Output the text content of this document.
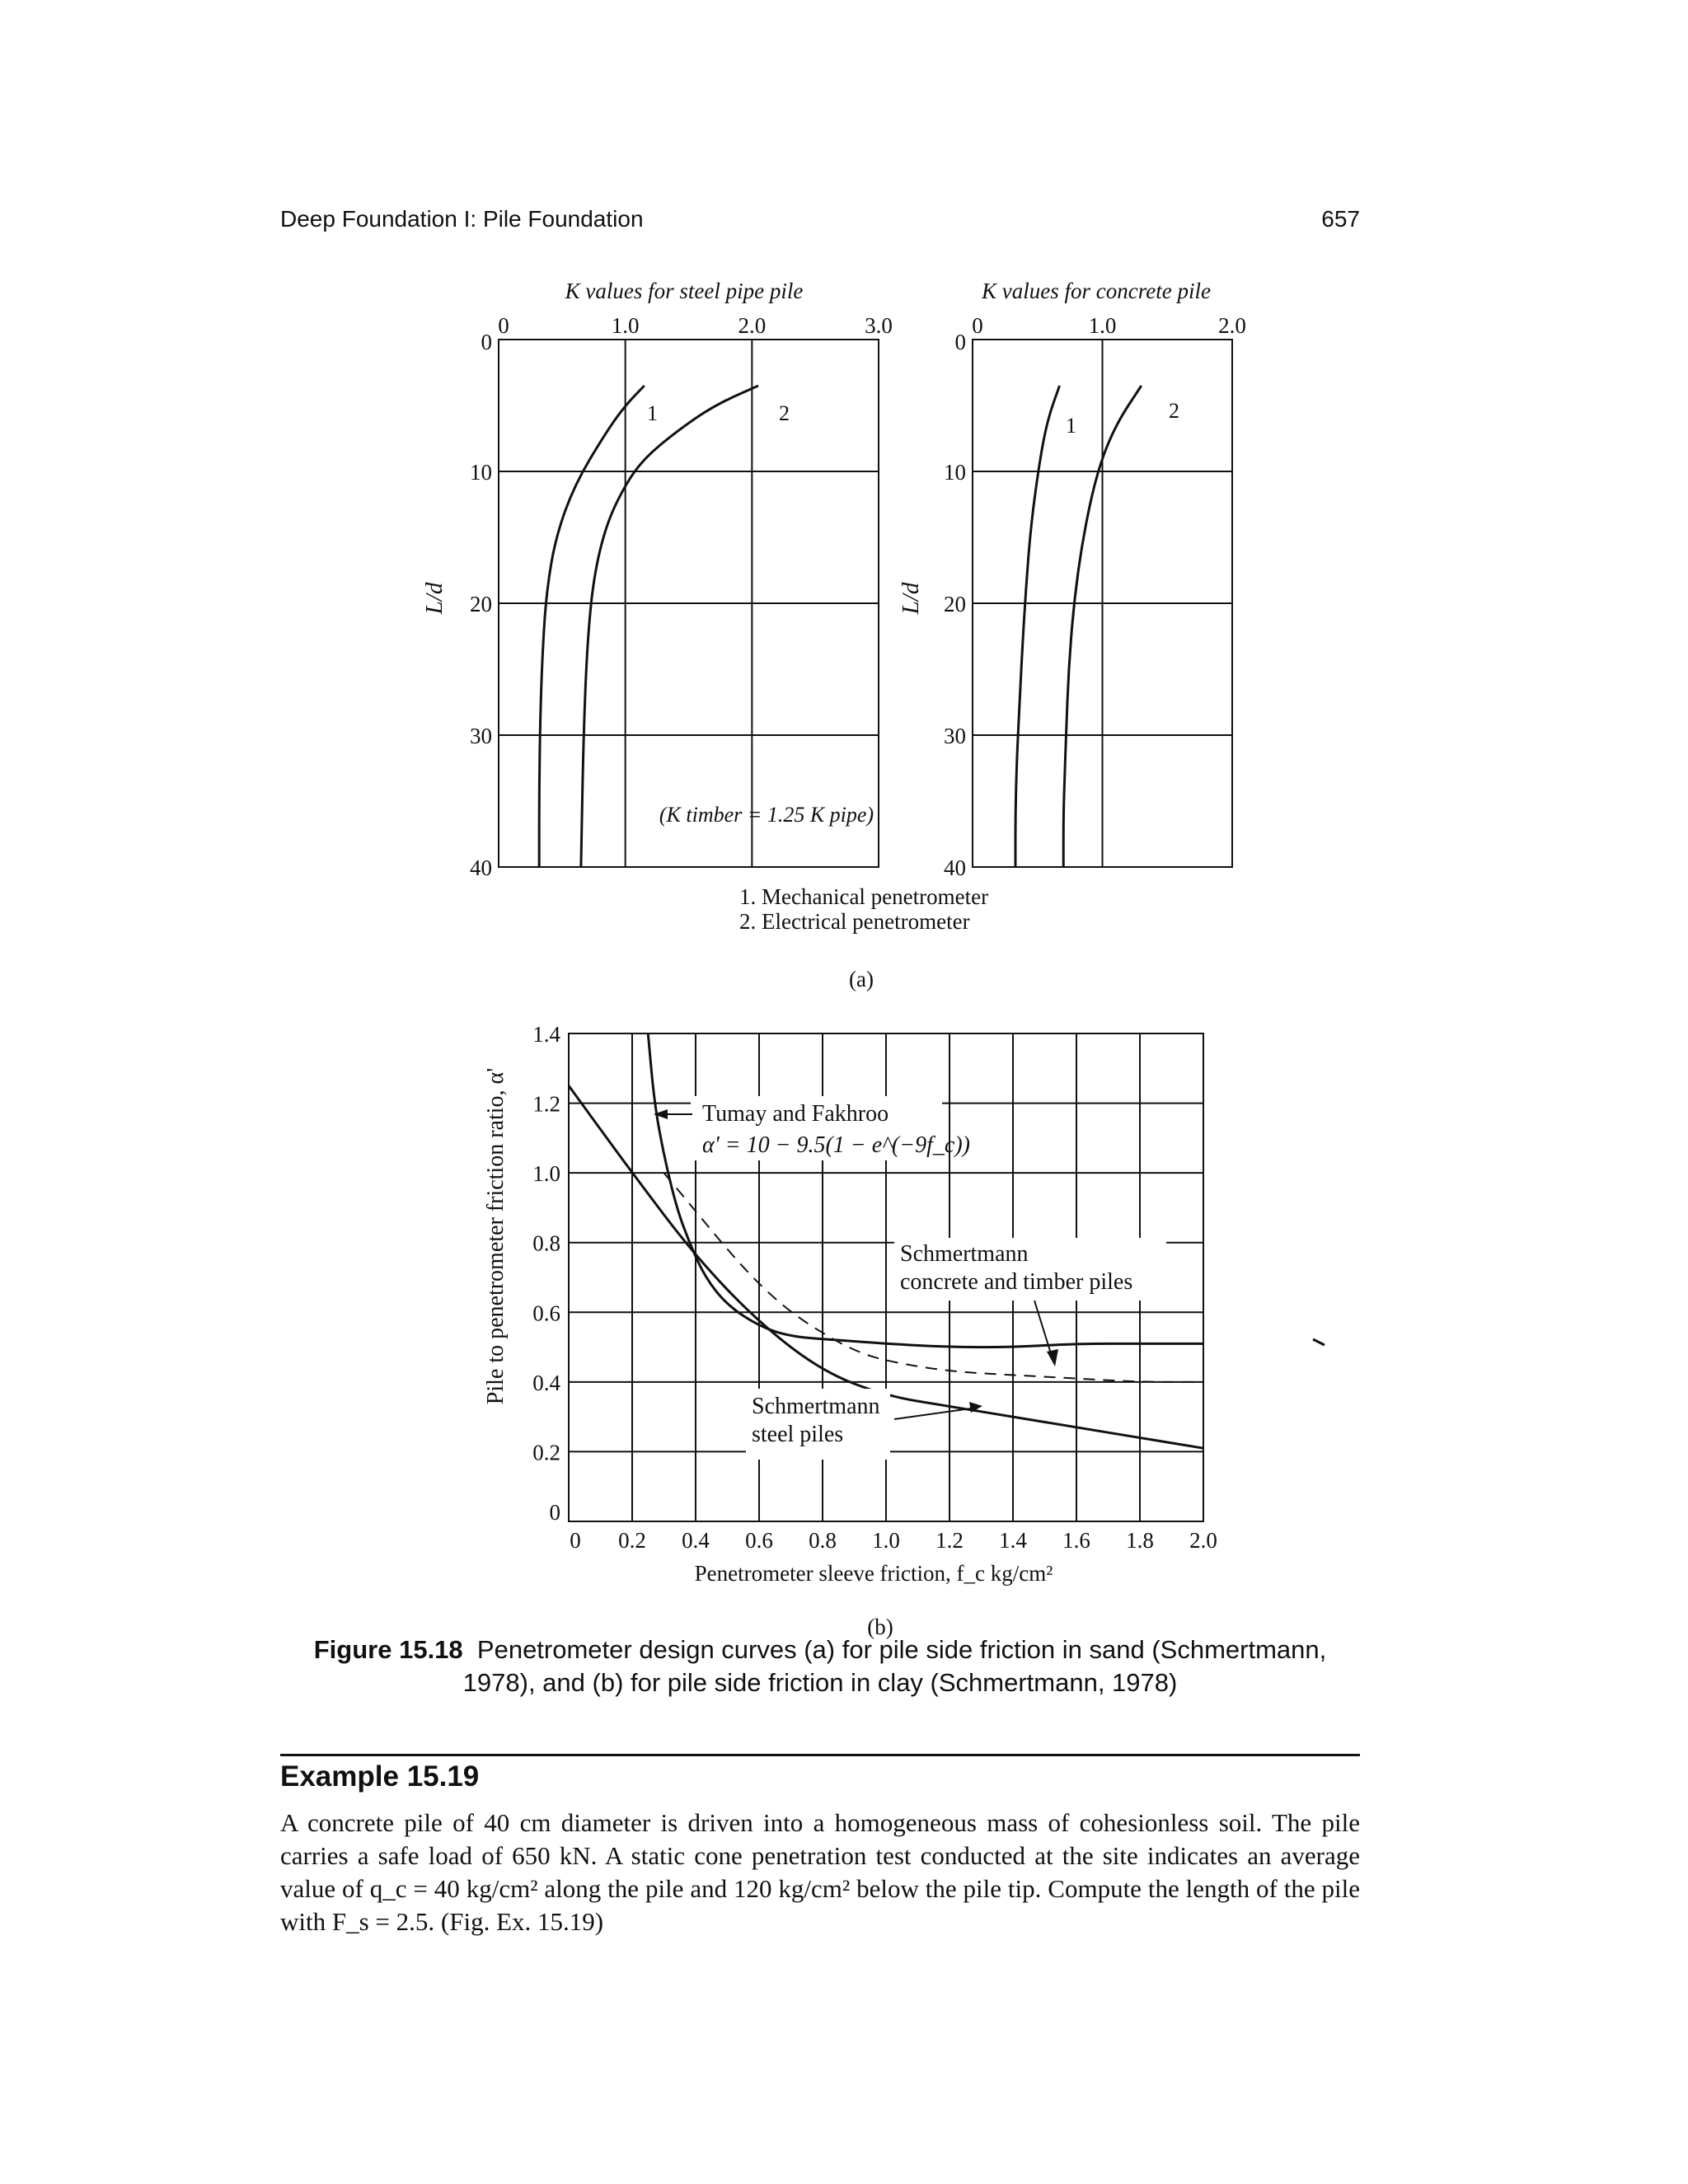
Deep Foundation I: Pile Foundation	657
K values for steel pipe pile
0	1.0	2.0	3.0
0
10
20
30
40
L/d
1	2
(K timber = 1.25 K pipe)
K values for concrete pile
0	1.0	2.0
0
10
20
30
40
L/d
1
2
1. Mechanical penetrometer
2. Electrical penetrometer
(a)
0 0.2 0.4 0.6 0.8 1.0 1.2 1.4 1.6 1.8 2.0
0
0.2
0.4
0.6
0.8
1.0
1.2
1.4
Pile to penetrometer friction ratio, α'
Penetrometer sleeve friction, f_c kg/cm²
Tumay and Fakhroo
α' = 10 − 9.5(1 − e^(−9f_c))
Schmertmann
concrete and timber piles
Schmertmann
steel piles
(b)
Figure 15.18 Penetrometer design curves (a) for pile side friction in sand (Schmertmann, 1978), and (b) for pile side friction in clay (Schmertmann, 1978)
Example 15.19
A concrete pile of 40 cm diameter is driven into a homogeneous mass of cohesionless soil. The pile carries a safe load of 650 kN. A static cone penetration test conducted at the site indicates an average value of q_c = 40 kg/cm² along the pile and 120 kg/cm² below the pile tip. Compute the length of the pile with F_s = 2.5. (Fig. Ex. 15.19)
